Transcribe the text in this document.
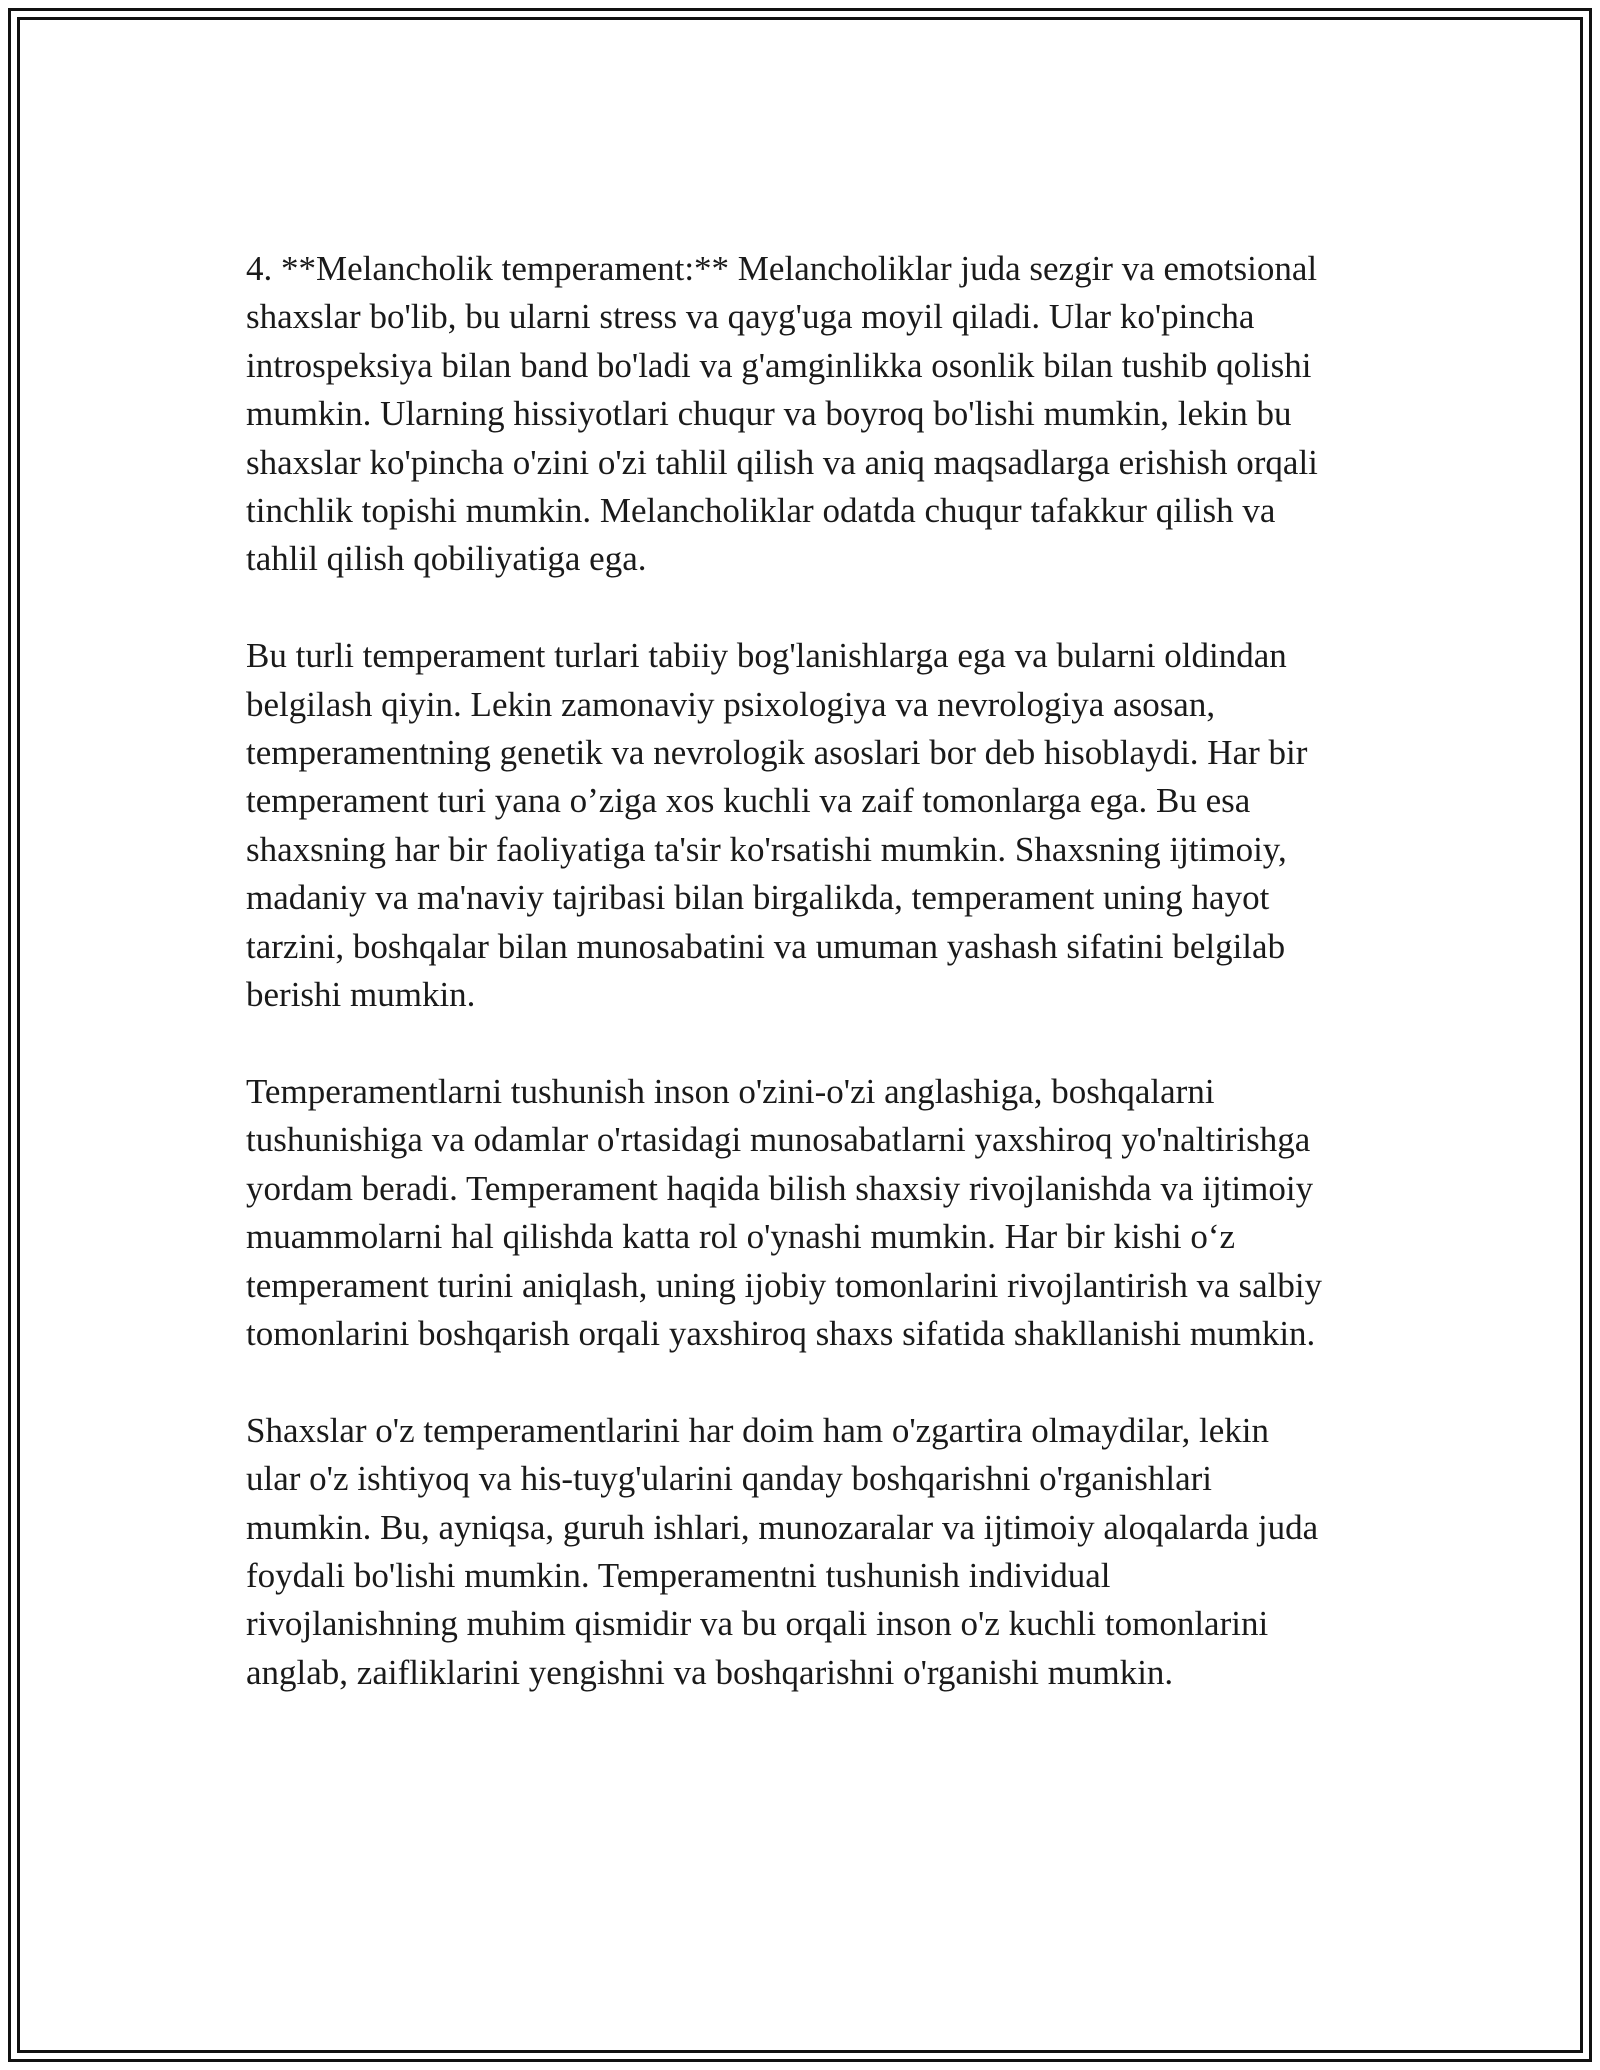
4. **Melancholik temperament:** Melancholiklar juda sezgir va emotsional
shaxslar bo'lib, bu ularni stress va qayg'uga moyil qiladi. Ular ko'pincha
introspeksiya bilan band bo'ladi va g'amginlikka osonlik bilan tushib qolishi
mumkin. Ularning hissiyotlari chuqur va boyroq bo'lishi mumkin, lekin bu
shaxslar ko'pincha o'zini o'zi tahlil qilish va aniq maqsadlarga erishish orqali
tinchlik topishi mumkin. Melancholiklar odatda chuqur tafakkur qilish va
tahlil qilish qobiliyatiga ega.

Bu turli temperament turlari tabiiy bog'lanishlarga ega va bularni oldindan
belgilash qiyin. Lekin zamonaviy psixologiya va nevrologiya asosan,
temperamentning genetik va nevrologik asoslari bor deb hisoblaydi. Har bir
temperament turi yana o’ziga xos kuchli va zaif tomonlarga ega. Bu esa
shaxsning har bir faoliyatiga ta'sir ko'rsatishi mumkin. Shaxsning ijtimoiy,
madaniy va ma'naviy tajribasi bilan birgalikda, temperament uning hayot
tarzini, boshqalar bilan munosabatini va umuman yashash sifatini belgilab
berishi mumkin.

Temperamentlarni tushunish inson o'zini-o'zi anglashiga, boshqalarni
tushunishiga va odamlar o'rtasidagi munosabatlarni yaxshiroq yo'naltirishga
yordam beradi. Temperament haqida bilish shaxsiy rivojlanishda va ijtimoiy
muammolarni hal qilishda katta rol o'ynashi mumkin. Har bir kishi o‘z
temperament turini aniqlash, uning ijobiy tomonlarini rivojlantirish va salbiy
tomonlarini boshqarish orqali yaxshiroq shaxs sifatida shakllanishi mumkin.

Shaxslar o'z temperamentlarini har doim ham o'zgartira olmaydilar, lekin
ular o'z ishtiyoq va his-tuyg'ularini qanday boshqarishni o'rganishlari
mumkin. Bu, ayniqsa, guruh ishlari, munozaralar va ijtimoiy aloqalarda juda
foydali bo'lishi mumkin. Temperamentni tushunish individual
rivojlanishning muhim qismidir va bu orqali inson o'z kuchli tomonlarini
anglab, zaifliklarini yengishni va boshqarishni o'rganishi mumkin.
